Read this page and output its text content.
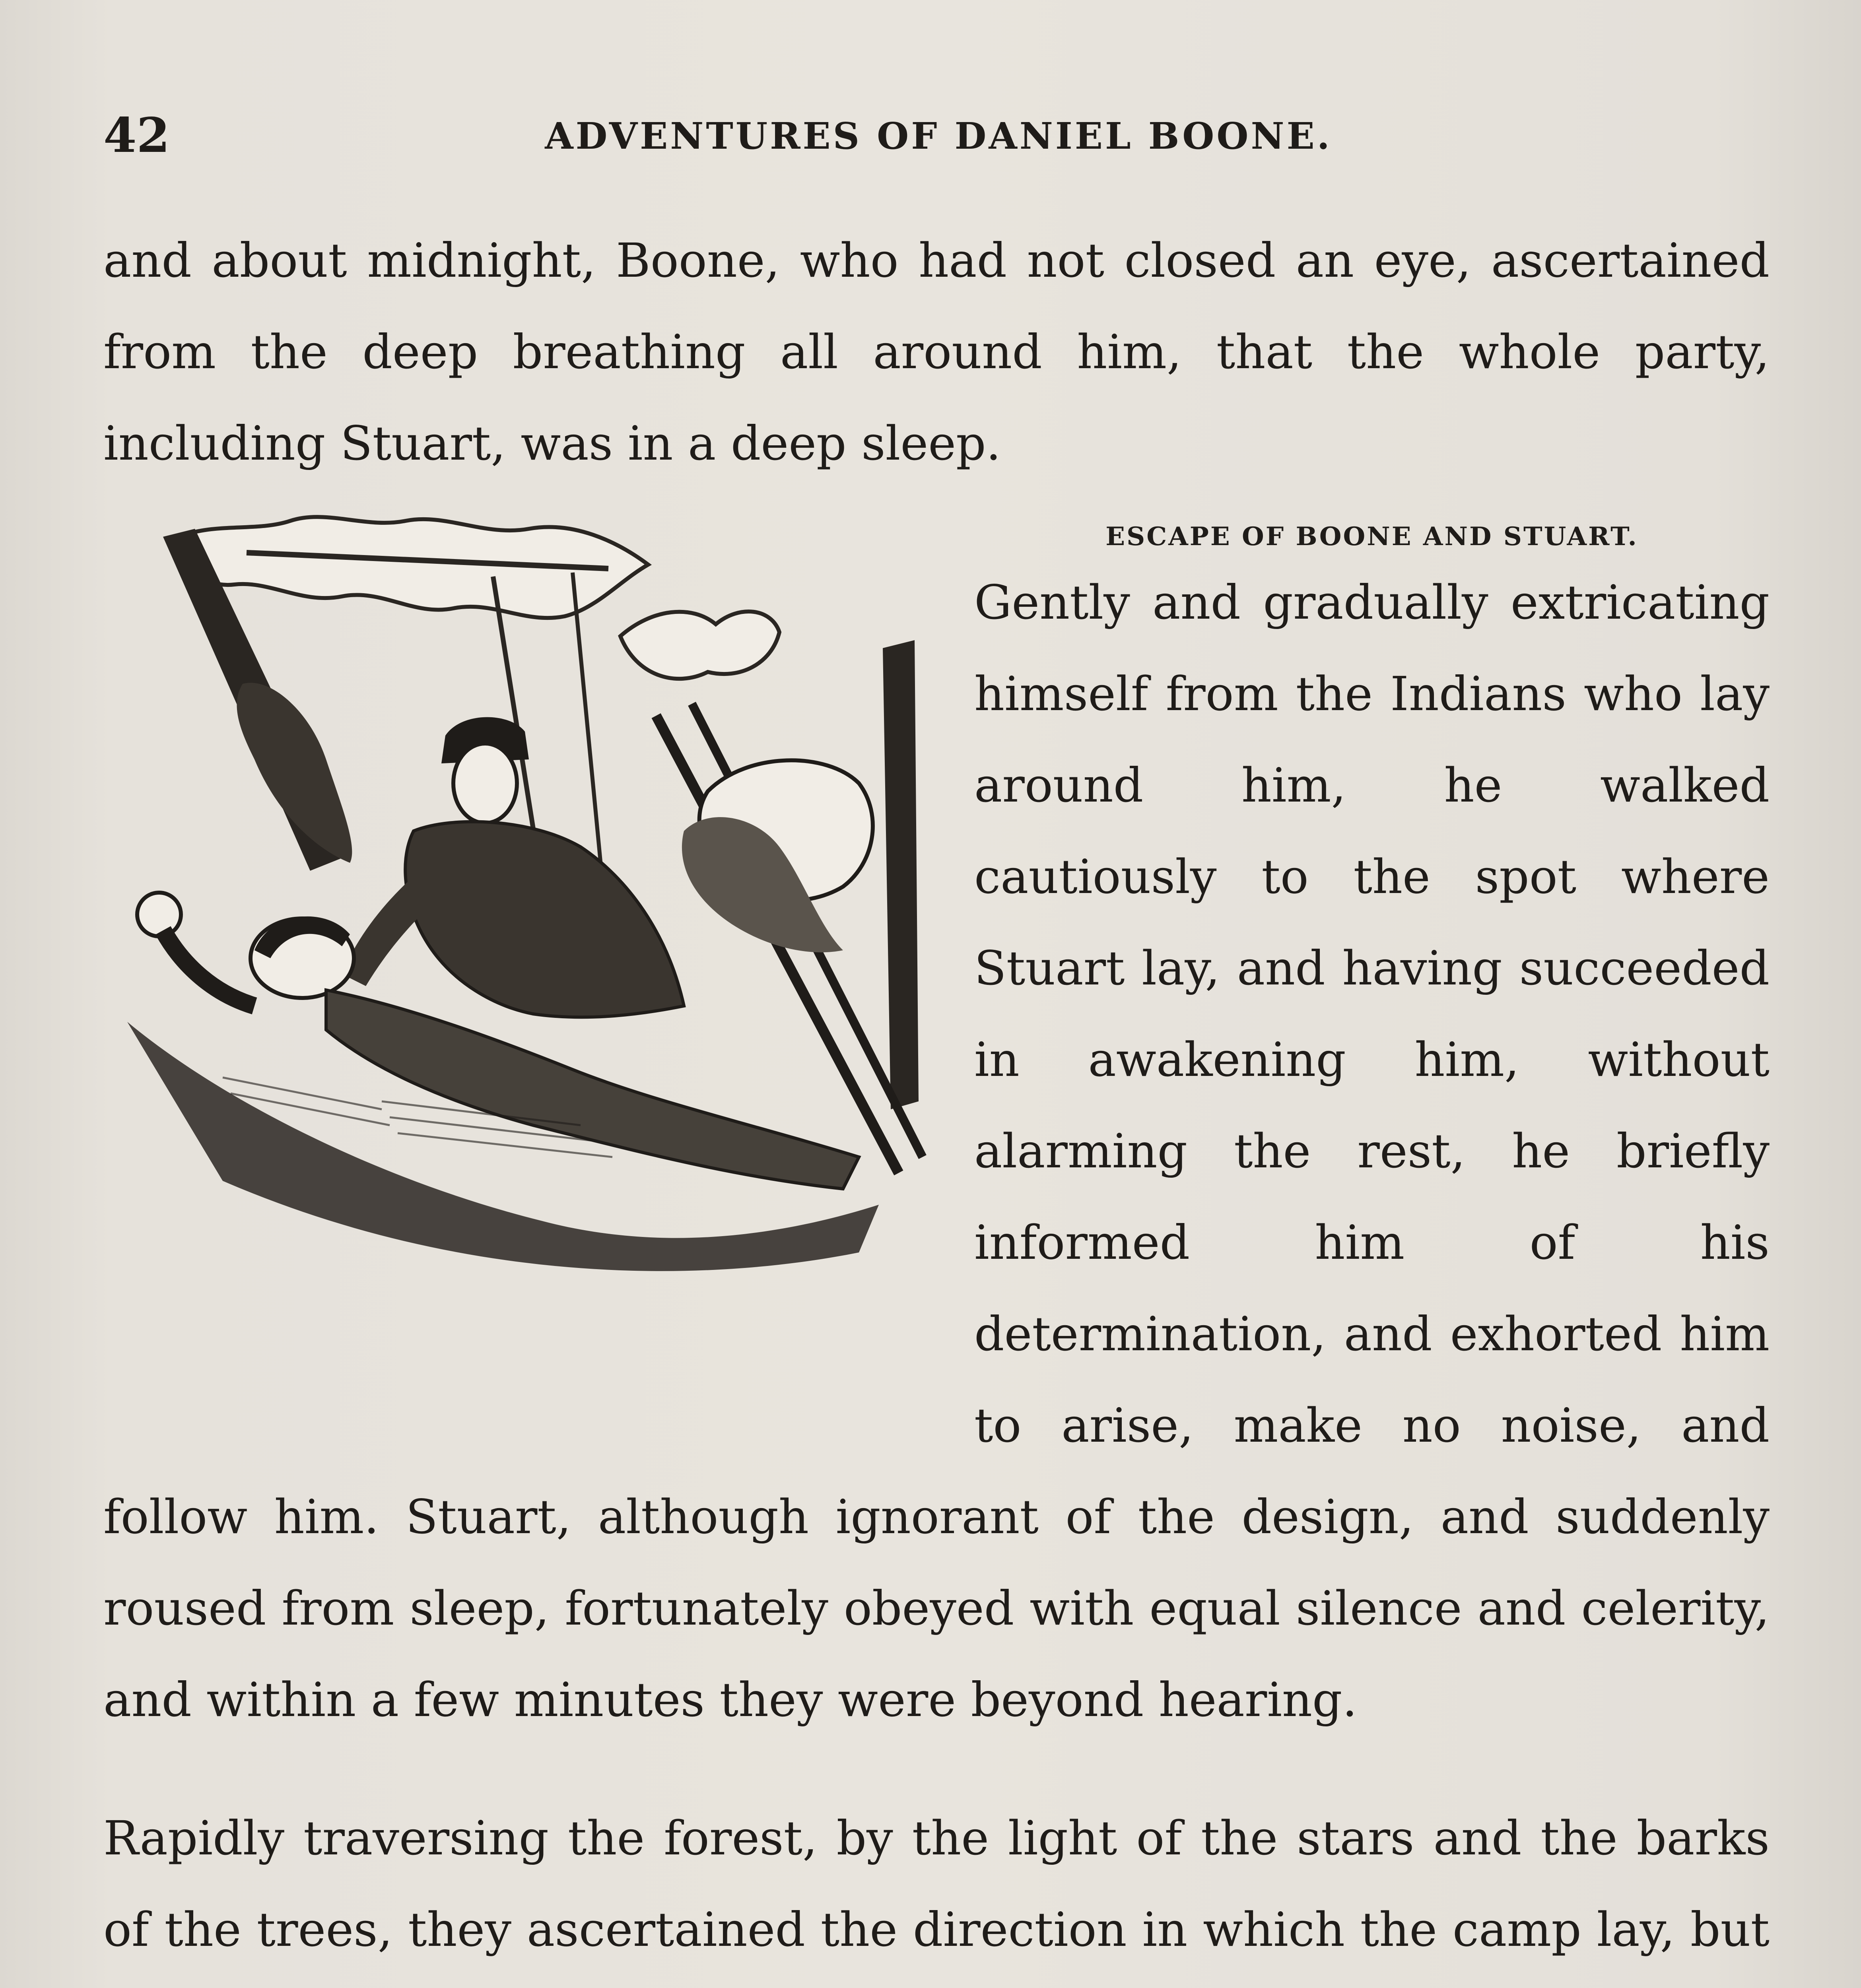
42	ADVENTURES OF DANIEL BOONE.

and about midnight, Boone, who had not closed an eye, ascertained from the deep breathing all around him, that the whole party, including Stuart, was in a deep sleep.

ESCAPE OF BOONE AND STUART.
Gently and gradually extricating himself from the Indians who lay around him, he walked cautiously to the spot where Stuart lay, and having succeeded in awakening him, without alarming the rest, he briefly informed him of his determination, and exhorted him to arise, make no noise, and follow him. Stuart, although ignorant of the design, and suddenly roused from sleep, fortunately obeyed with equal silence and celerity, and within a few minutes they were beyond hearing.

Rapidly traversing the forest, by the light of the stars and the barks of the trees, they ascertained the direction in which the camp lay, but
